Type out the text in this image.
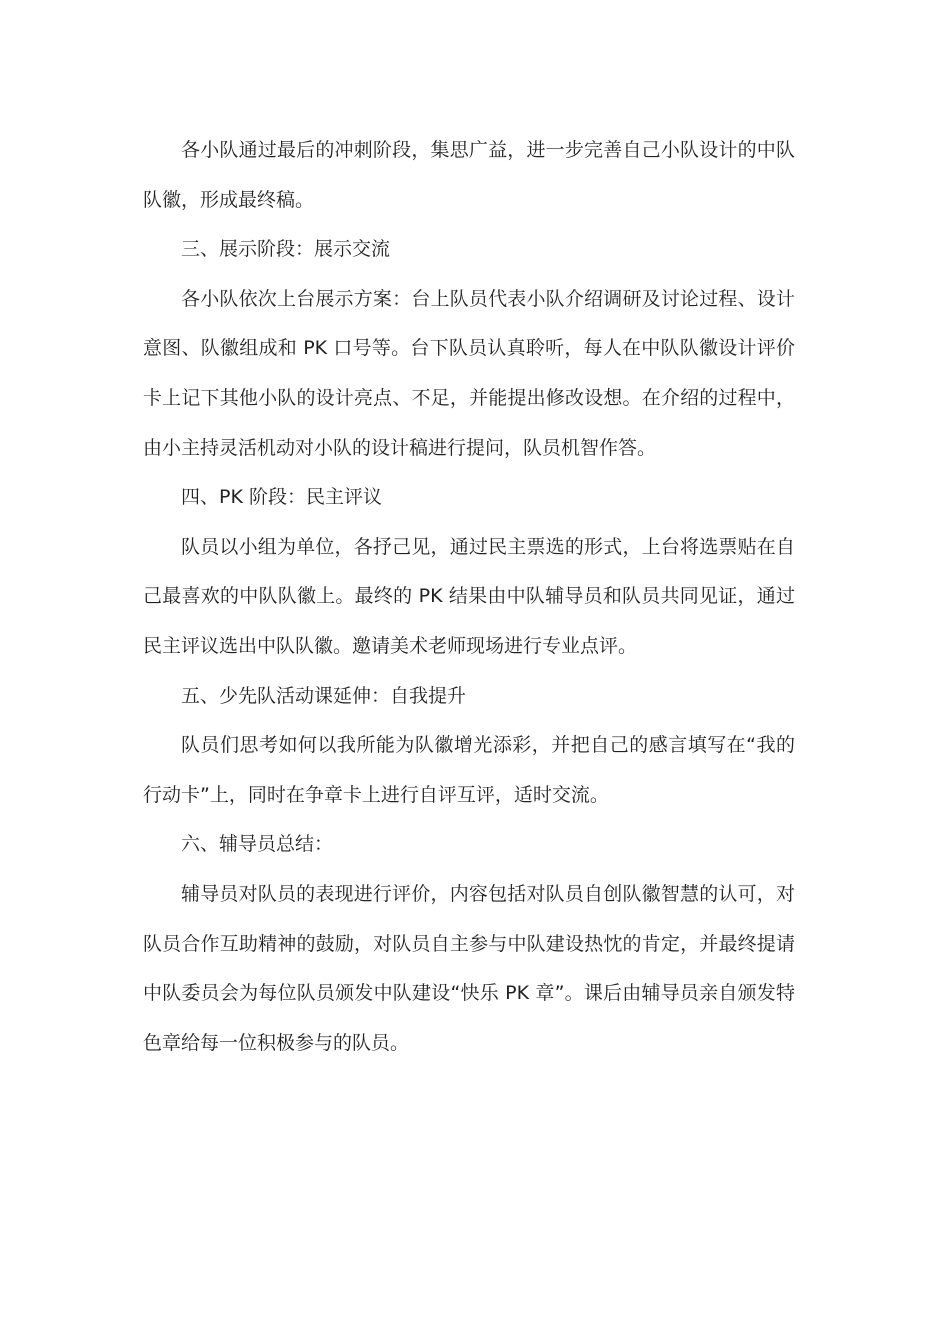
各小队通过最后的冲刺阶段，集思广益，进一步完善自己小队设计的中队队徽，形成最终稿。

三、展示阶段：展示交流

各小队依次上台展示方案：台上队员代表小队介绍调研及讨论过程、设计意图、队徽组成和 PK 口号等。台下队员认真聆听，每人在中队队徽设计评价卡上记下其他小队的设计亮点、不足，并能提出修改设想。在介绍的过程中，由小主持灵活机动对小队的设计稿进行提问，队员机智作答。

四、PK 阶段：民主评议

队员以小组为单位，各抒己见，通过民主票选的形式，上台将选票贴在自己最喜欢的中队队徽上。最终的 PK 结果由中队辅导员和队员共同见证，通过民主评议选出中队队徽。邀请美术老师现场进行专业点评。

五、少先队活动课延伸：自我提升

队员们思考如何以我所能为队徽增光添彩，并把自己的感言填写在“我的行动卡”上，同时在争章卡上进行自评互评，适时交流。

六、辅导员总结：

辅导员对队员的表现进行评价，内容包括对队员自创队徽智慧的认可，对队员合作互助精神的鼓励，对队员自主参与中队建设热忱的肯定，并最终提请中队委员会为每位队员颁发中队建设“快乐 PK 章”。课后由辅导员亲自颁发特色章给每一位积极参与的队员。
